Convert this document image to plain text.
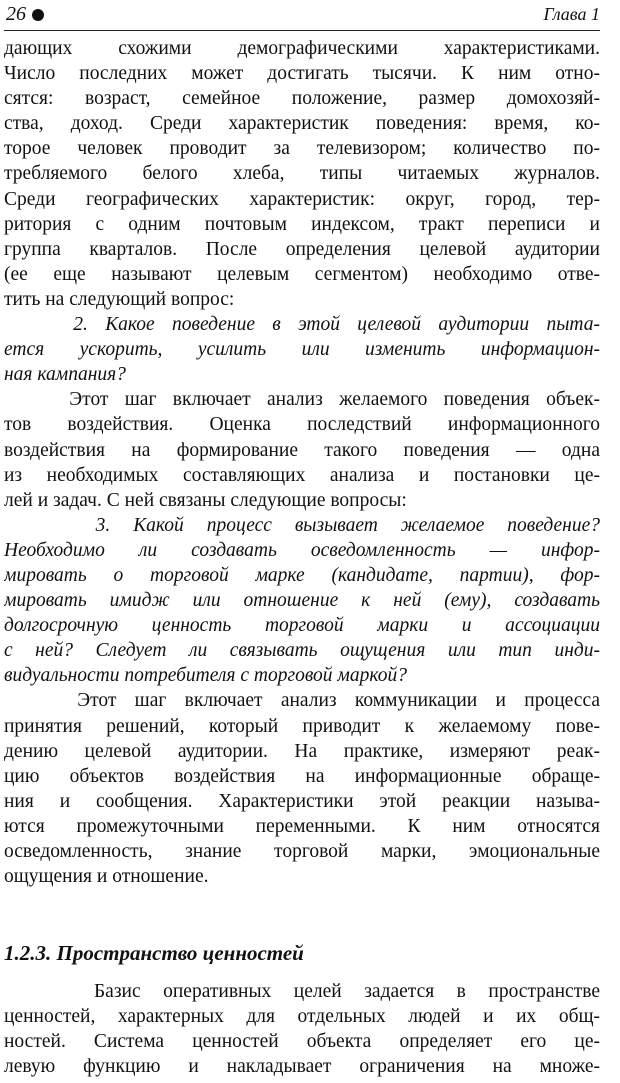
26	Глава 1
дающих схожими демографическими характеристиками.
Число последних может достигать тысячи. К ним отно-
сятся: возраст, семейное положение, размер домохозяй-
ства, доход. Среди характеристик поведения: время, ко-
торое человек проводит за телевизором; количество по-
требляемого белого хлеба, типы читаемых журналов.
Среди географических характеристик: округ, город, тер-
ритория с одним почтовым индексом, тракт переписи и
группа кварталов. После определения целевой аудитории
(ее еще называют целевым сегментом) необходимо отве-
тить на следующий вопрос:
2. Какое поведение в этой целевой аудитории пыта-
ется ускорить, усилить или изменить информацион-
ная кампания?
Этот шаг включает анализ желаемого поведения объек-
тов воздействия. Оценка последствий информационного
воздействия на формирование такого поведения — одна
из необходимых составляющих анализа и постановки це-
лей и задач. С ней связаны следующие вопросы:
3. Какой процесс вызывает желаемое поведение?
Необходимо ли создавать осведомленность — инфор-
мировать о торговой марке (кандидате, партии), фор-
мировать имидж или отношение к ней (ему), создавать
долгосрочную ценность торговой марки и ассоциации
с ней? Следует ли связывать ощущения или тип инди-
видуальности потребителя с торговой маркой?
Этот шаг включает анализ коммуникации и процесса
принятия решений, который приводит к желаемому пове-
дению целевой аудитории. На практике, измеряют реак-
цию объектов воздействия на информационные обраще-
ния и сообщения. Характеристики этой реакции называ-
ются промежуточными переменными. К ним относятся
осведомленность, знание торговой марки, эмоциональные
ощущения и отношение.
1.2.3. Пространство ценностей
Базис оперативных целей задается в пространстве
ценностей, характерных для отдельных людей и их общ-
ностей. Система ценностей объекта определяет его це-
левую функцию и накладывает ограничения на множе-
